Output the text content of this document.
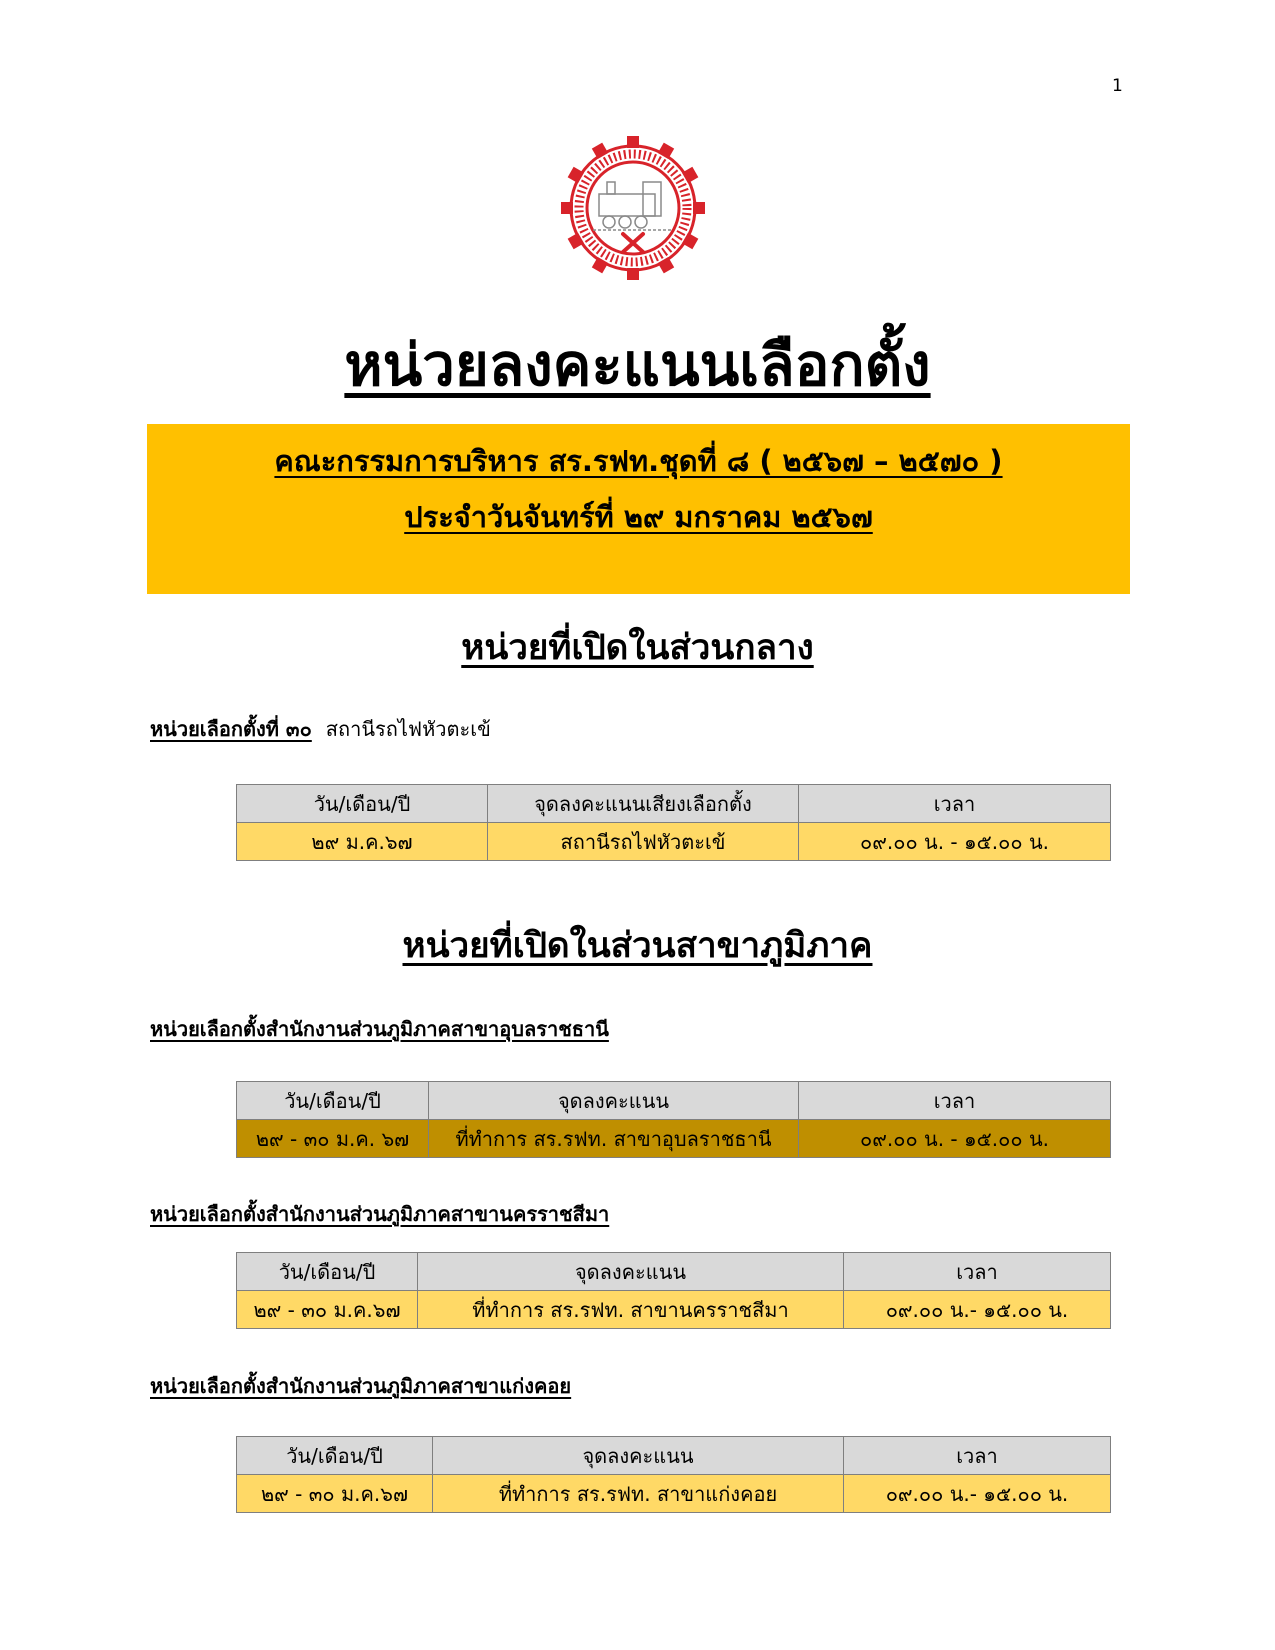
1
หน่วยลงคะแนนเลือกตั้ง
คณะกรรมการบริหาร สร.รฟท.ชุดที่ ๘ ( ๒๕๖๗ – ๒๕๗๐ )
ประจำวันจันทร์ที่ ๒๙ มกราคม ๒๕๖๗
หน่วยที่เปิดในส่วนกลาง
หน่วยเลือกตั้งที่ ๓๐ สถานีรถไฟหัวตะเข้
วัน/เดือน/ปี	จุดลงคะแนนเสียงเลือกตั้ง	เวลา
๒๙ ม.ค.๖๗	สถานีรถไฟหัวตะเข้	๐๙.๐๐ น. - ๑๕.๐๐ น.
หน่วยที่เปิดในส่วนสาขาภูมิภาค
หน่วยเลือกตั้งสำนักงานส่วนภูมิภาคสาขาอุบลราชธานี
วัน/เดือน/ปี	จุดลงคะแนน	เวลา
๒๙ - ๓๐ ม.ค. ๖๗	ที่ทำการ สร.รฟท. สาขาอุบลราชธานี	๐๙.๐๐ น. - ๑๕.๐๐ น.
หน่วยเลือกตั้งสำนักงานส่วนภูมิภาคสาขานครราชสีมา
วัน/เดือน/ปี	จุดลงคะแนน	เวลา
๒๙ - ๓๐ ม.ค.๖๗	ที่ทำการ สร.รฟท. สาขานครราชสีมา	๐๙.๐๐ น.- ๑๕.๐๐ น.
หน่วยเลือกตั้งสำนักงานส่วนภูมิภาคสาขาแก่งคอย
วัน/เดือน/ปี	จุดลงคะแนน	เวลา
๒๙ - ๓๐ ม.ค.๖๗	ที่ทำการ สร.รฟท. สาขาแก่งคอย	๐๙.๐๐ น.- ๑๕.๐๐ น.
